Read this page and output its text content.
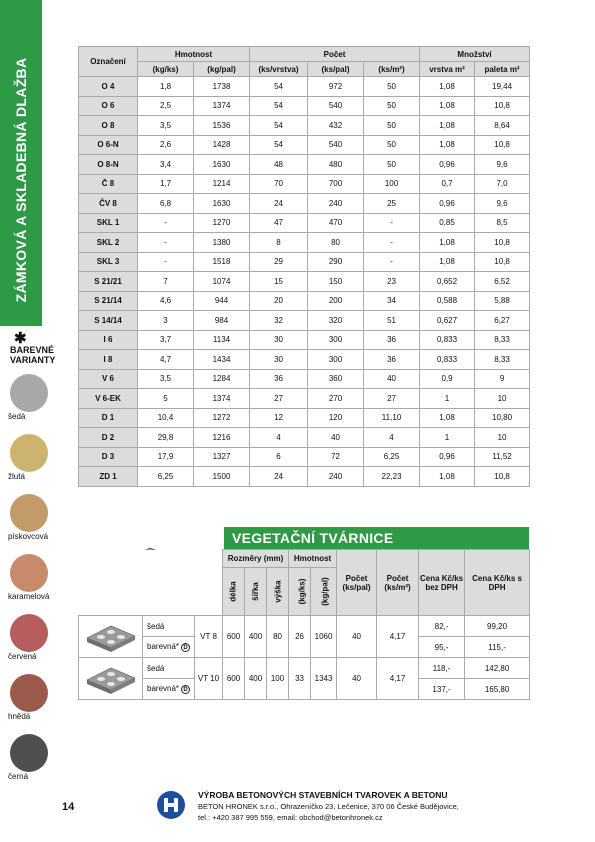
ZÁMKOVÁ A SKLADEBNÁ DLAŽBA
✱
BAREVNÉ VARIANTY
šedá
žlutá
pískovcová
karamelová
červená
hnědá
černá
Označení	Hmotnost		Počet			Množství	
	(kg/ks)	(kg/pal)	(ks/vrstva)	(ks/pal)	(ks/m²)	vrstva m²	paleta m²
O 4	1,8	1738	54	972	50	1,08	19,44
O 6	2,5	1374	54	540	50	1,08	10,8
O 8	3,5	1536	54	432	50	1,08	8,64
O 6-N	2,6	1428	54	540	50	1,08	10,8
O 8-N	3,4	1630	48	480	50	0,96	9,6
Č 8	1,7	1214	70	700	100	0,7	7,0
ČV 8	6,8	1630	24	240	25	0,96	9,6
SKL 1	-	1270	47	470	-	0,85	8,5
SKL 2	-	1380	8	80	-	1,08	10,8
SKL 3	-	1518	29	290	-	1,08	10,8
S 21/21	7	1074	15	150	23	0,652	6,52
S 21/14	4,6	944	20	200	34	0,588	5,88
S 14/14	3	984	32	320	51	0,627	6,27
I 6	3,7	1134	30	300	36	0,833	8,33
I 8	4,7	1434	30	300	36	0,833	8,33
V 6	3,5	1284	36	360	40	0,9	9
V 6-EK	5	1374	27	270	27	1	10
D 1	10,4	1272	12	120	11,10	1,08	10,80
D 2	29,8	1216	4	40	4	1	10
D 3	17,9	1327	6	72	6,25	0,96	11,52
ZD 1	6,25	1500	24	240	22,23	1,08	10,8
VEGETAČNÍ TVÁRNICE
			Rozměry (mm)			Hmotnost		Počet (ks/pal)	Počet (ks/m²)	Cena Kč/ks bez DPH	Cena Kč/ks s DPH
			délka	šířka	výška	(kg/ks)	(kg/pal)				
	šedá	VT 8	600	400	80	26	1060	40	4,17	82,-	99,20
	barevná* D									95,-	115,-
	šedá	VT 10	600	400	100	33	1343	40	4,17	118,-	142,80
	barevná* D									137,-	165,80
14
VÝROBA BETONOVÝCH STAVEBNÍCH TVAROVEK A BETONU
BETON HRONEK s.r.o., Ohrazeníčko 23, Lečenice, 370 06 České Budějovice,
tel.: +420 387 995 559, email: obchod@betonhronek.cz
